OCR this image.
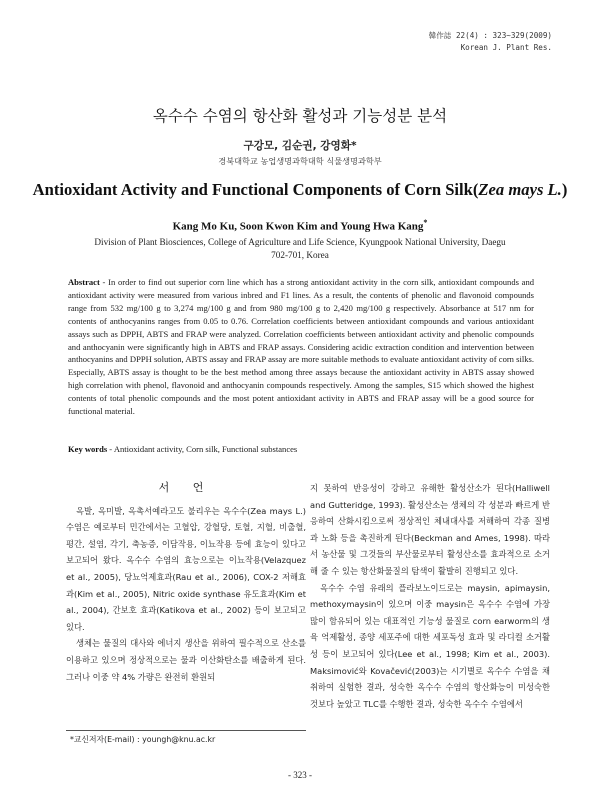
韓作誌 22(4) : 323~329(2009)
Korean J. Plant Res.
옥수수 수염의 항산화 활성과 기능성분 분석
구강모, 김순권, 강영화*
경북대학교 농업생명과학대학 식물생명과학부
Antioxidant Activity and Functional Components of Corn Silk(Zea mays L.)
Kang Mo Ku, Soon Kwon Kim and Young Hwa Kang*
Division of Plant Biosciences, College of Agriculture and Life Science, Kyungpook National University, Daegu 702-701, Korea
Abstract - In order to find out superior corn line which has a strong antioxidant activity in the corn silk, antioxidant compounds and antioxidant activity were measured from various inbred and F1 lines. As a result, the contents of phenolic and flavonoid compounds range from 532 mg/100 g to 3,274 mg/100 g and from 980 mg/100 g to 2,420 mg/100 g respectively. Absorbance at 517 nm for contents of anthocyanins ranges from 0.05 to 0.76. Correlation coefficients between antioxidant compounds and various antioxidant assays such as DPPH, ABTS and FRAP were analyzed. Correlation coefficients between antioxidant activity and phenolic compounds and anthocyanin were significantly high in ABTS and FRAP assays. Considering acidic extraction condition and intervention between anthocyanins and DPPH solution, ABTS assay and FRAP assay are more suitable methods to evaluate antioxidant activity of corn silks. Especially, ABTS assay is thought to be the best method among three assays because the antioxidant activity in ABTS assay showed high correlation with phenol, flavonoid and anthocyanin compounds respectively. Among the samples, S15 which showed the highest contents of total phenolic compounds and the most potent antioxidant activity in ABTS and FRAP assay will be a good source for functional material.
Key words - Antioxidant activity, Corn silk, Functional substances
서 언
옥발, 옥미발, 옥촉서예라고도 불리우는 옥수수(Zea mays L.) 수염은 예로부터 민간에서는 고혈압, 강혈당, 토혈, 지혈, 비출혈, 평간, 설염, 각기, 축농증, 이담작용, 이뇨작용 등에 효능이 있다고 보고되어 왔다. 옥수수 수염의 효능으로는 이뇨작용(Velazquez et al., 2005), 당뇨억제효과(Rau et al., 2006), COX-2 저해효과(Kim et al., 2005), Nitric oxide synthase 유도효과(Kim et al., 2004), 간보호 효과(Katikova et al., 2002) 등이 보고되고 있다.
생체는 물질의 대사와 에너지 생산을 위하여 필수적으로 산소를 이용하고 있으며 정상적으로는 물과 이산화탄소를 배출하게 된다. 그러나 이중 약 4% 가량은 완전히 환원되
지 못하여 반응성이 강하고 유해한 활성산소가 된다(Halliwell and Gutteridge, 1993). 활성산소는 생체의 각 성분과 빠르게 반응하여 산화시킴으로써 정상적인 체내대사를 저해하여 각종 질병과 노화 등을 촉진하게 된다(Beckman and Ames, 1998). 따라서 농산물 및 그것들의 부산물로부터 활성산소를 효과적으로 소거해 줄 수 있는 항산화물질의 탐색이 활발히 진행되고 있다.
옥수수 수염 유래의 플라보노이드로는 maysin, apimaysin, methoxymaysin이 있으며 이중 maysin은 옥수수 수염에 가장 많이 함유되어 있는 대표적인 기능성 물질로 corn earworm의 생육 억제활성, 종양 세포주에 대한 세포독성 효과 및 라디컬 소거활성 등이 보고되어 있다(Lee et al., 1998; Kim et al., 2003). Maksimović와 Kovačević(2003)는 시기별로 옥수수 수염을 채취하여 실험한 결과, 성숙한 옥수수 수염의 항산화능이 미성숙한 것보다 높았고 TLC를 수행한 결과, 성숙한 옥수수 수염에서
*교신저자(E-mail) : youngh@knu.ac.kr
- 323 -
